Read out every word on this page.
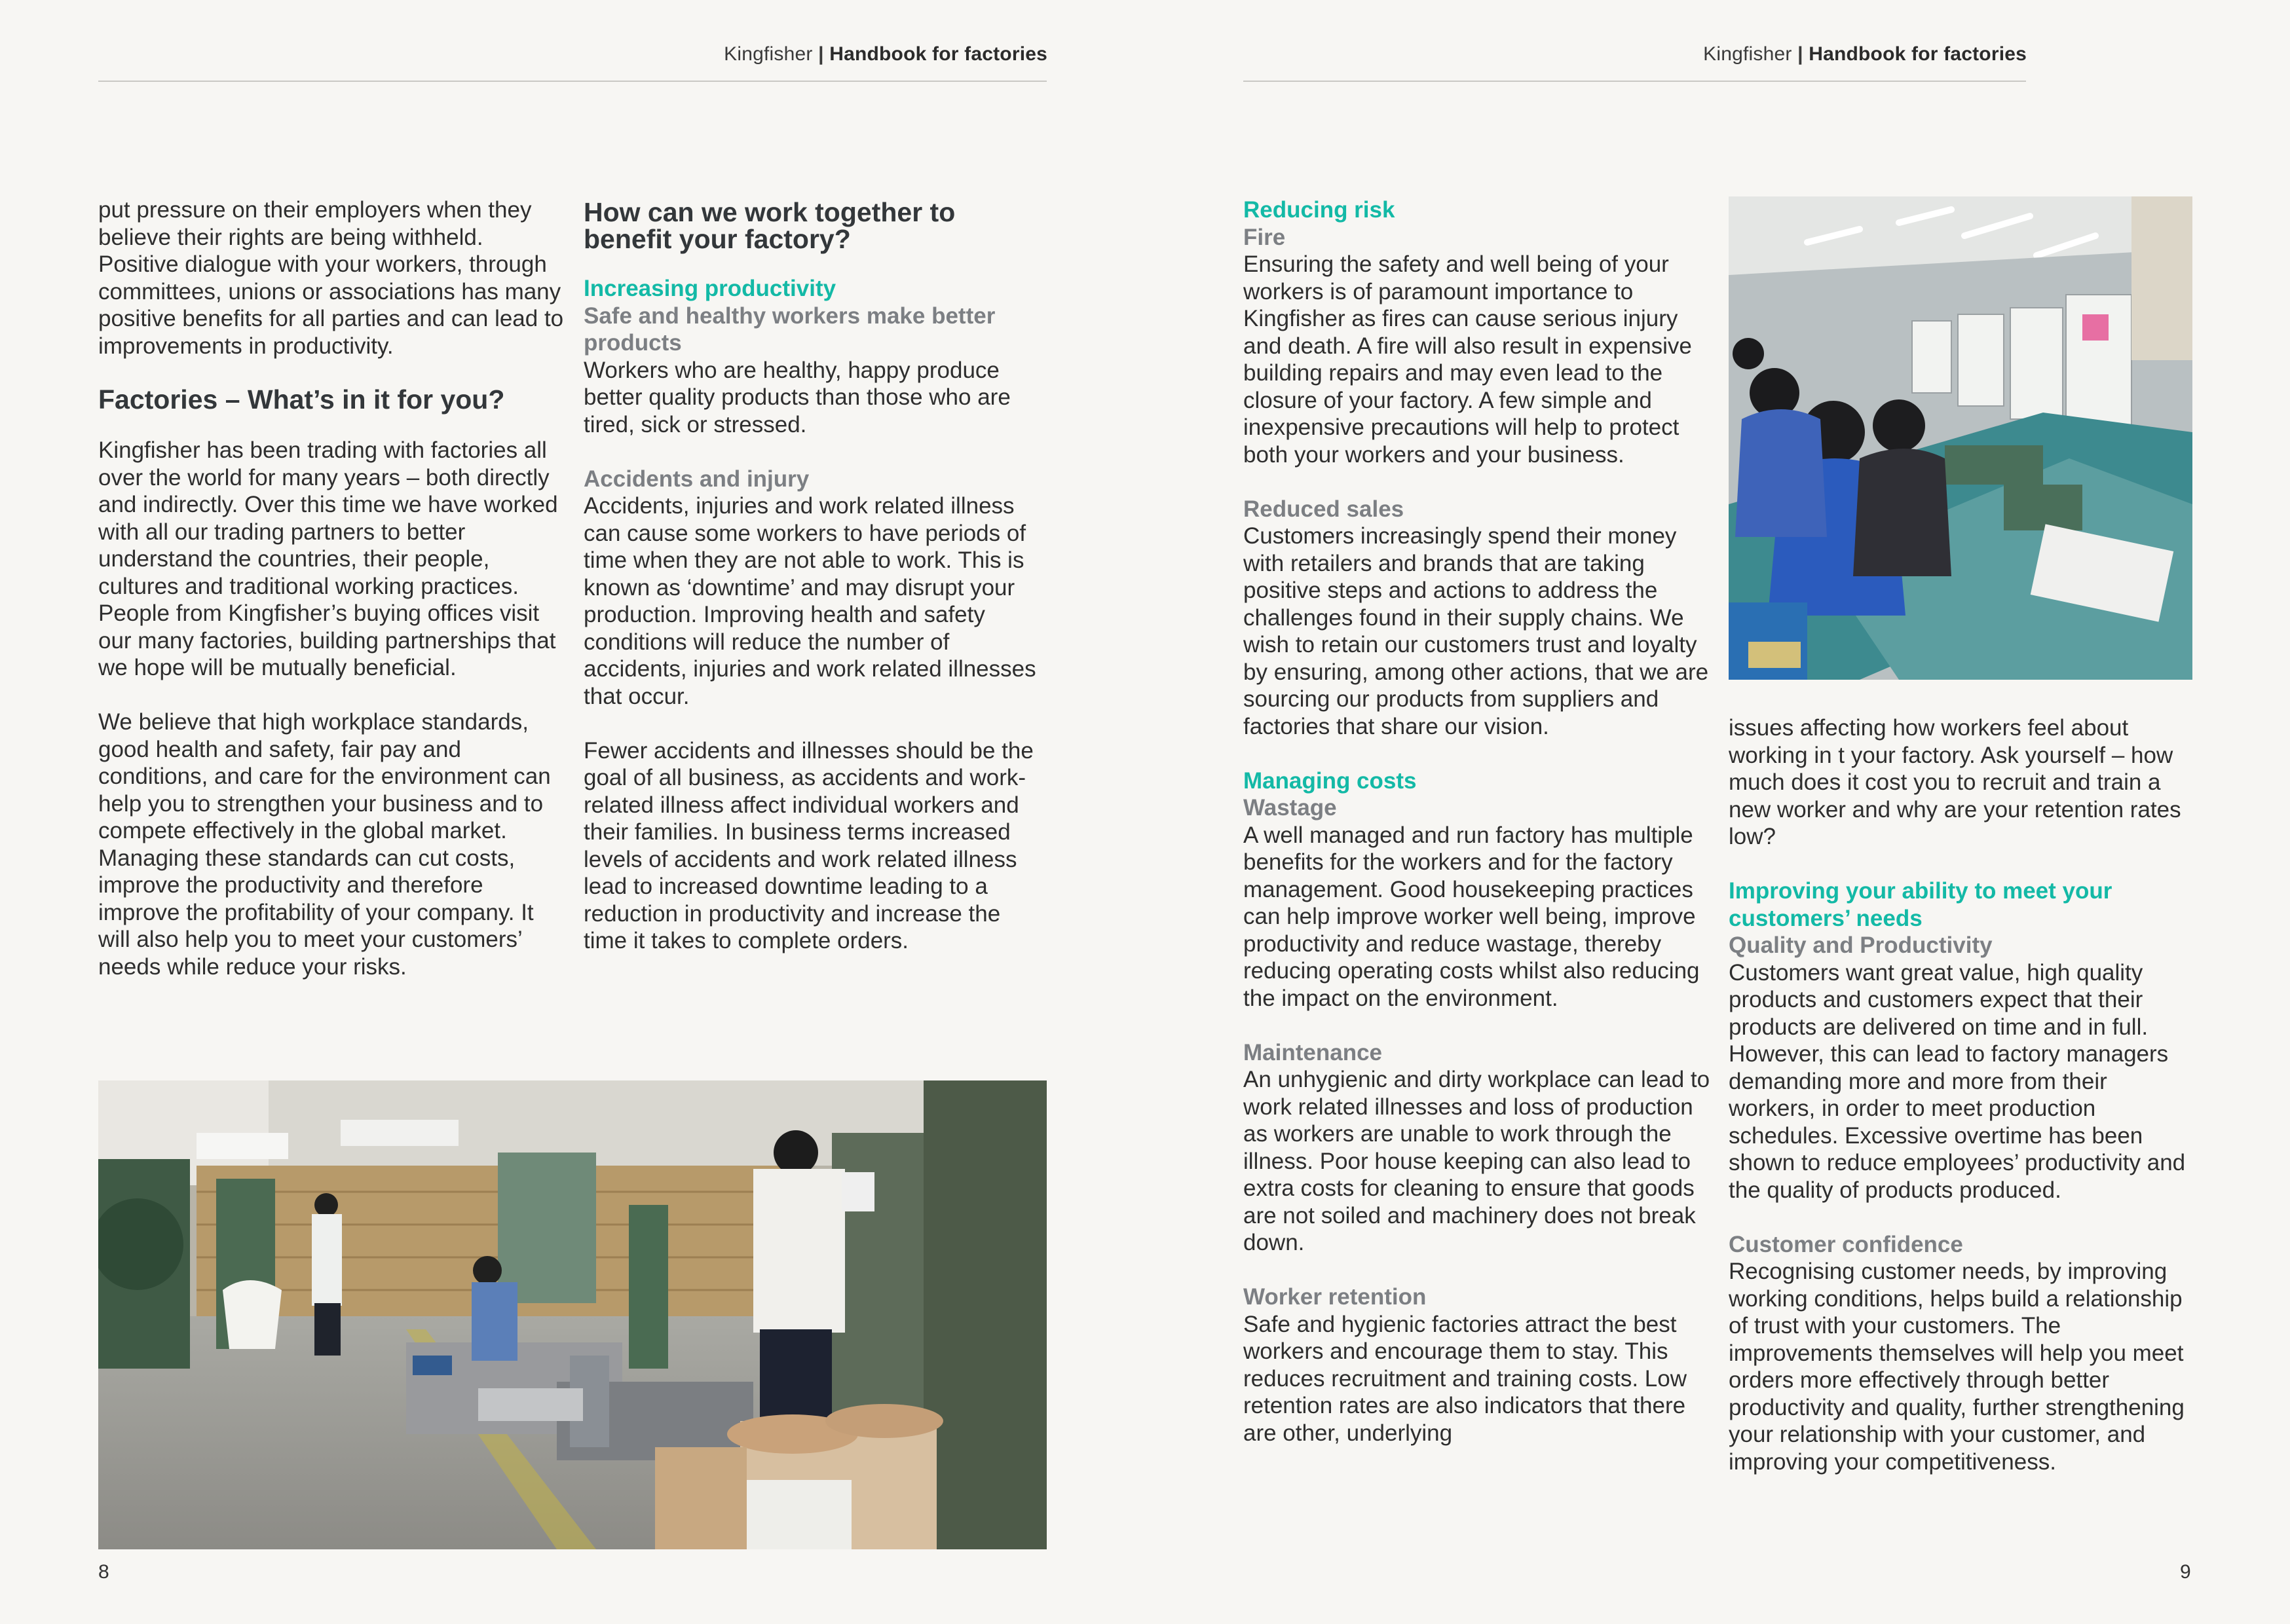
Kingfisher | Handbook for factories

put pressure on their employers when they believe their rights are being withheld. Positive dialogue with your workers, through committees, unions or associations has many positive benefits for all parties and can lead to improvements in productivity.

Factories – What’s in it for you?

Kingfisher has been trading with factories all over the world for many years – both directly and indirectly. Over this time we have worked with all our trading partners to better understand the countries, their people, cultures and traditional working practices. People from Kingfisher’s buying offices visit our many factories, building partnerships that we hope will be mutually beneficial.

We believe that high workplace standards, good health and safety, fair pay and conditions, and care for the environment can help you to strengthen your business and to compete effectively in the global market. Managing these standards can cut costs, improve the productivity and therefore improve the profitability of your company. It will also help you to meet your customers’ needs while reduce your risks.

How can we work together to benefit your factory?

Increasing productivity

Safe and healthy workers make better products

Workers who are healthy, happy produce better quality products than those who are tired, sick or stressed.

Accidents and injury

Accidents, injuries and work related illness can cause some workers to have periods of time when they are not able to work. This is known as ‘downtime’ and may disrupt your production. Improving health and safety conditions will reduce the number of accidents, injuries and work related illnesses that occur.

Fewer accidents and illnesses should be the goal of all business, as accidents and work-related illness affect individual workers and their families. In business terms increased levels of accidents and work related illness lead to increased downtime leading to a reduction in productivity and increase the time it takes to complete orders.

8
Kingfisher | Handbook for factories

Reducing risk

Fire

Ensuring the safety and well being of your workers is of paramount importance to Kingfisher as fires can cause serious injury and death. A fire will also result in expensive building repairs and may even lead to the closure of your factory. A few simple and inexpensive precautions will help to protect both your workers and your business.

Reduced sales

Customers increasingly spend their money with retailers and brands that are taking positive steps and actions to address the challenges found in their supply chains. We wish to retain our customers trust and loyalty by ensuring, among other actions, that we are sourcing our products from suppliers and factories that share our vision.

Managing costs

Wastage

A well managed and run factory has multiple benefits for the workers and for the factory management. Good housekeeping practices can help improve worker well being, improve productivity and reduce wastage, thereby reducing operating costs whilst also reducing the impact on the environment.

Maintenance

An unhygienic and dirty workplace can lead to work related illnesses and loss of production as workers are unable to work through the illness. Poor house keeping can also lead to extra costs for cleaning to ensure that goods are not soiled and machinery does not break down.

Worker retention

Safe and hygienic factories attract the best workers and encourage them to stay. This reduces recruitment and training costs. Low retention rates are also indicators that there are other, underlying

issues affecting how workers feel about working in t your factory. Ask yourself – how much does it cost you to recruit and train a new worker and why are your retention rates low?

Improving your ability to meet your customers’ needs

Quality and Productivity

Customers want great value, high quality products and customers expect that their products are delivered on time and in full. However, this can lead to factory managers demanding more and more from their workers, in order to meet production schedules. Excessive overtime has been shown to reduce employees’ productivity and the quality of products produced.

Customer confidence

Recognising customer needs, by improving working conditions, helps build a relationship of trust with your customers. The improvements themselves will help you meet orders more effectively through better productivity and quality, further strengthening your relationship with your customer, and improving your competitiveness.

9
